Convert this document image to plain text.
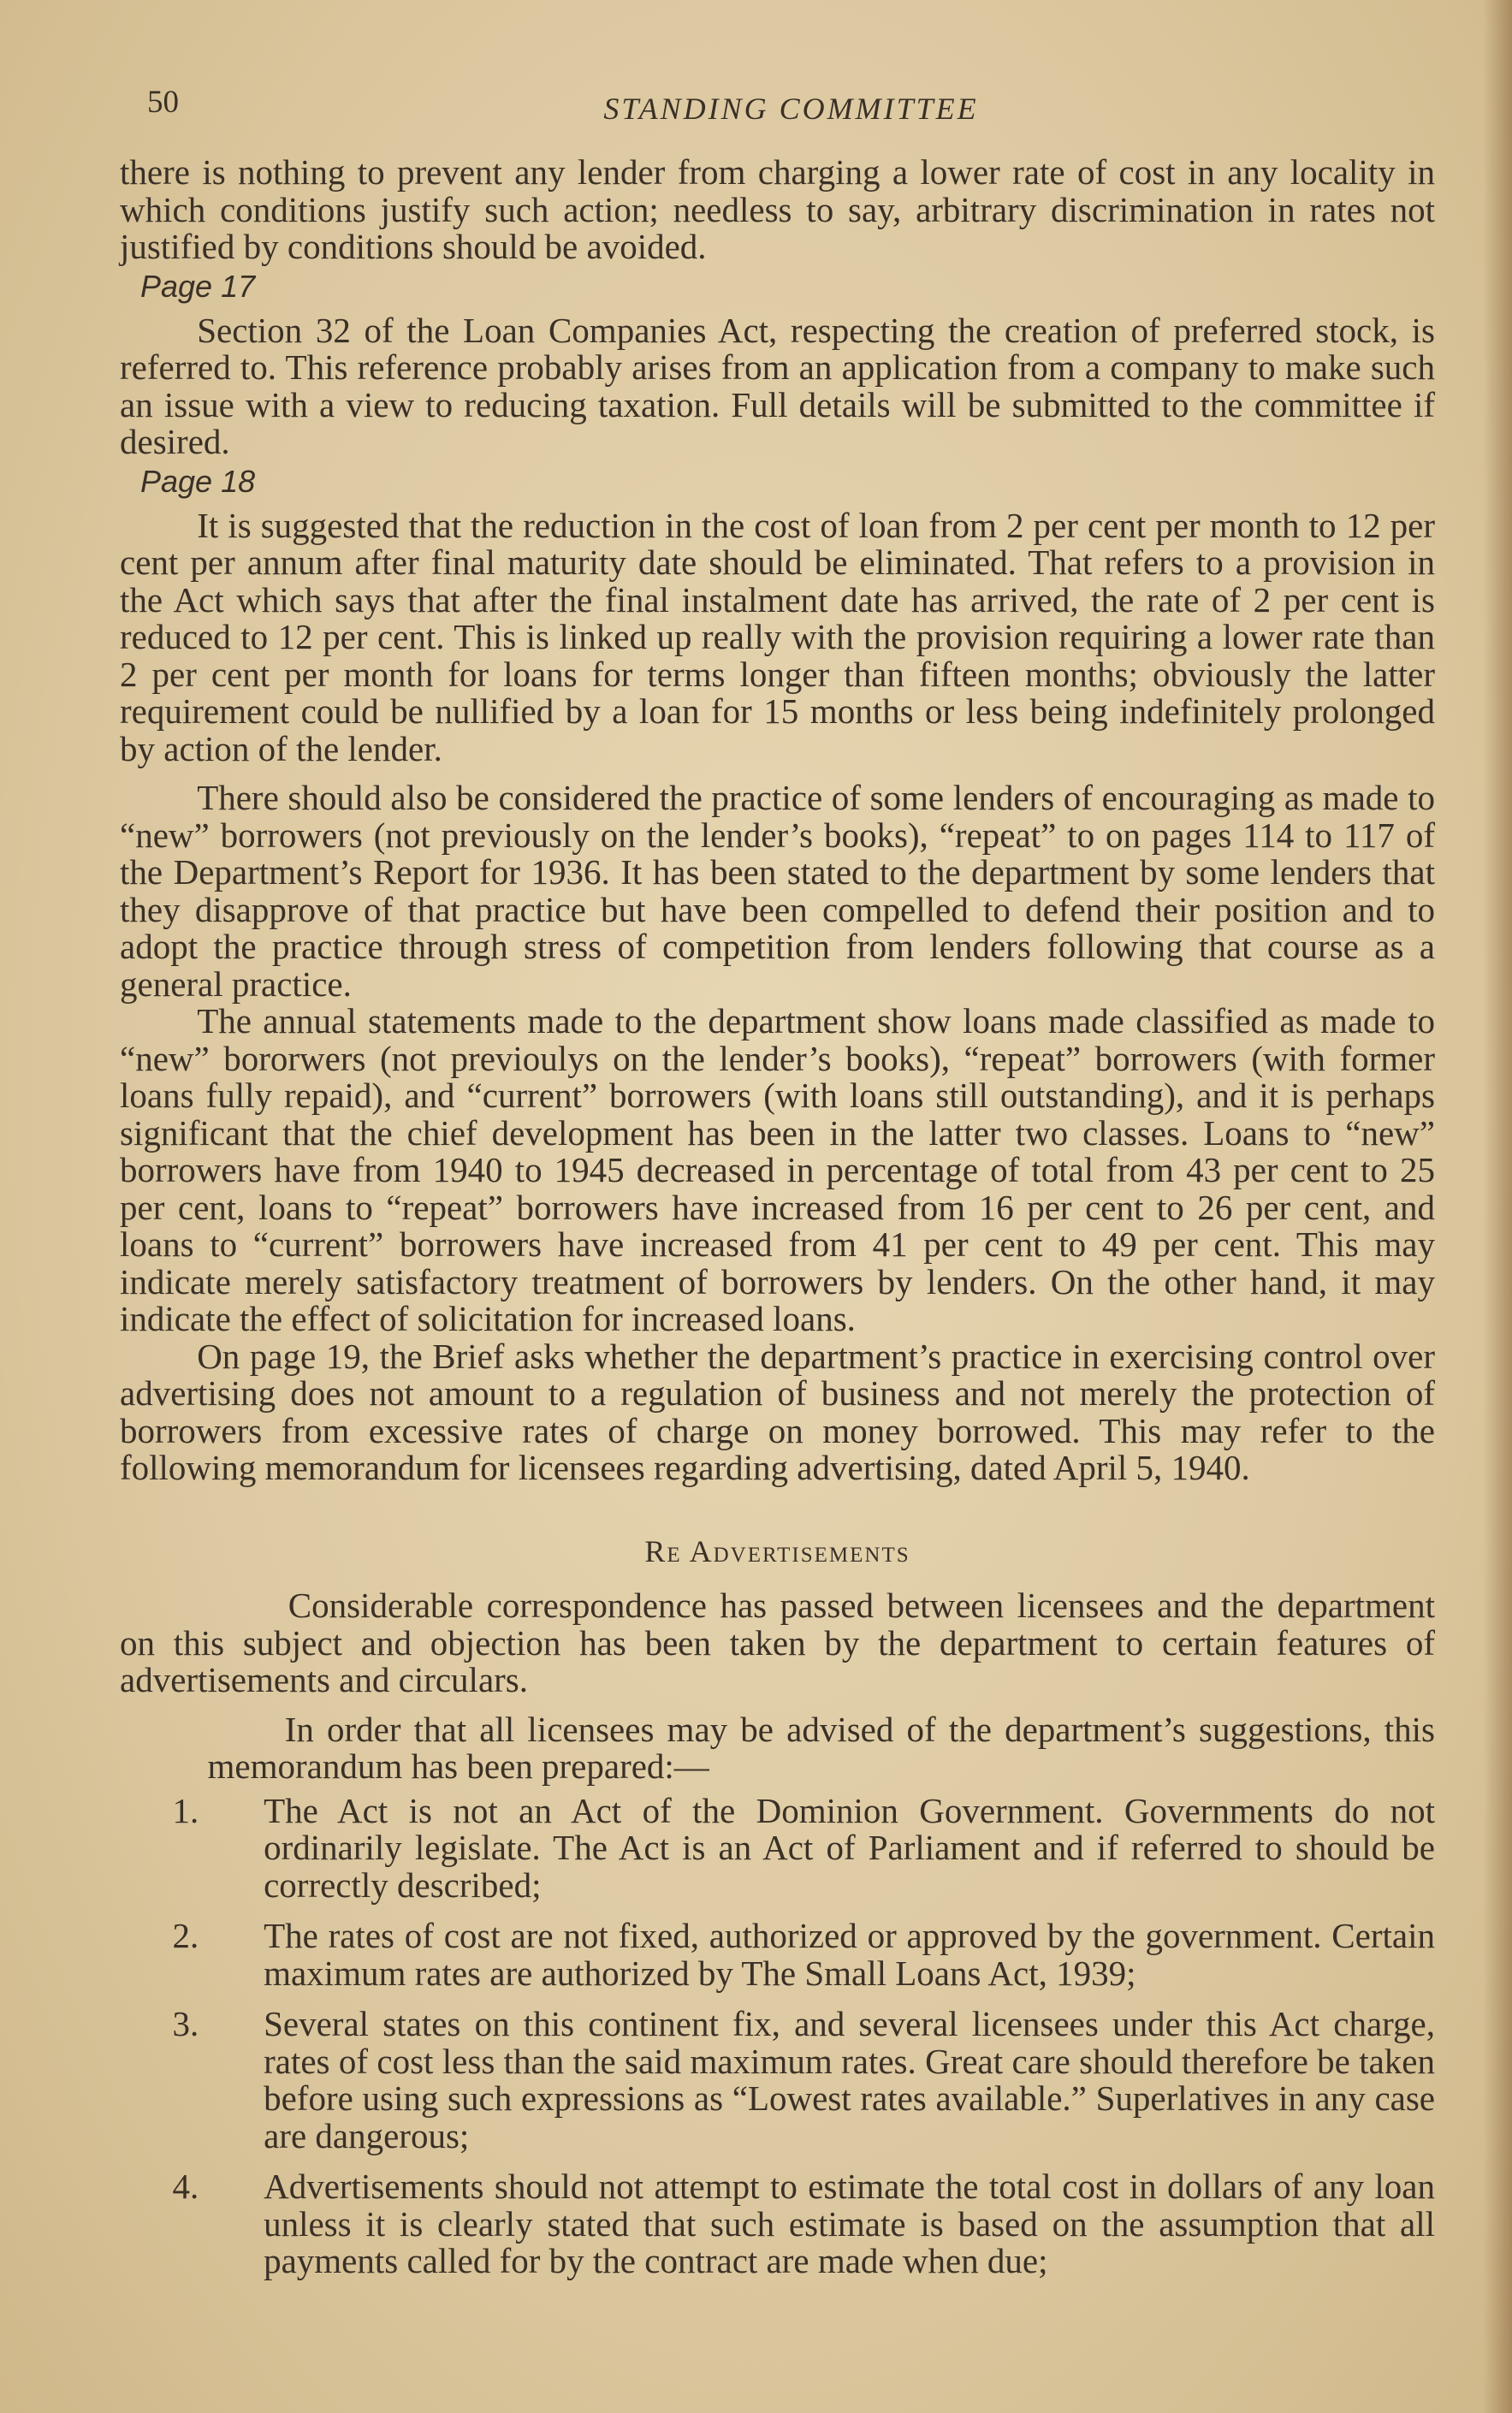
50	STANDING COMMITTEE

there is nothing to prevent any lender from charging a lower rate of cost in any locality in which conditions justify such action; needless to say, arbitrary discrimination in rates not justified by conditions should be avoided.

Page 17

Section 32 of the Loan Companies Act, respecting the creation of preferred stock, is referred to. This reference probably arises from an application from a company to make such an issue with a view to reducing taxation. Full details will be submitted to the committee if desired.

Page 18

It is suggested that the reduction in the cost of loan from 2 per cent per month to 12 per cent per annum after final maturity date should be eliminated. That refers to a provision in the Act which says that after the final instalment date has arrived, the rate of 2 per cent is reduced to 12 per cent. This is linked up really with the provision requiring a lower rate than 2 per cent per month for loans for terms longer than fifteen months; obviously the latter requirement could be nullified by a loan for 15 months or less being indefinitely prolonged by action of the lender.

There should also be considered the practice of some lenders of encouraging as made to “new” borrowers (not previously on the lender’s books), “repeat” to on pages 114 to 117 of the Department’s Report for 1936. It has been stated to the department by some lenders that they disapprove of that practice but have been compelled to defend their position and to adopt the practice through stress of competition from lenders following that course as a general practice.

The annual statements made to the department show loans made classified as made to “new” bororwers (not previoulys on the lender’s books), “repeat” borrowers (with former loans fully repaid), and “current” borrowers (with loans still outstanding), and it is perhaps significant that the chief development has been in the latter two classes. Loans to “new” borrowers have from 1940 to 1945 decreased in percentage of total from 43 per cent to 25 per cent, loans to “repeat” borrowers have increased from 16 per cent to 26 per cent, and loans to “current” borrowers have increased from 41 per cent to 49 per cent. This may indicate merely satisfactory treatment of borrowers by lenders. On the other hand, it may indicate the effect of solicitation for increased loans.

On page 19, the Brief asks whether the department’s practice in exercising control over advertising does not amount to a regulation of business and not merely the protection of borrowers from excessive rates of charge on money borrowed. This may refer to the following memorandum for licensees regarding advertising, dated April 5, 1940.

Re Advertisements

Considerable correspondence has passed between licensees and the department on this subject and objection has been taken by the department to certain features of advertisements and circulars.

In order that all licensees may be advised of the department’s suggestions, this memorandum has been prepared:—

1. The Act is not an Act of the Dominion Government. Governments do not ordinarily legislate. The Act is an Act of Parliament and if referred to should be correctly described;
2. The rates of cost are not fixed, authorized or approved by the government. Certain maximum rates are authorized by The Small Loans Act, 1939;
3. Several states on this continent fix, and several licensees under this Act charge, rates of cost less than the said maximum rates. Great care should therefore be taken before using such expressions as “Lowest rates available.” Superlatives in any case are dangerous;
4. Advertisements should not attempt to estimate the total cost in dollars of any loan unless it is clearly stated that such estimate is based on the assumption that all payments called for by the contract are made when due;
